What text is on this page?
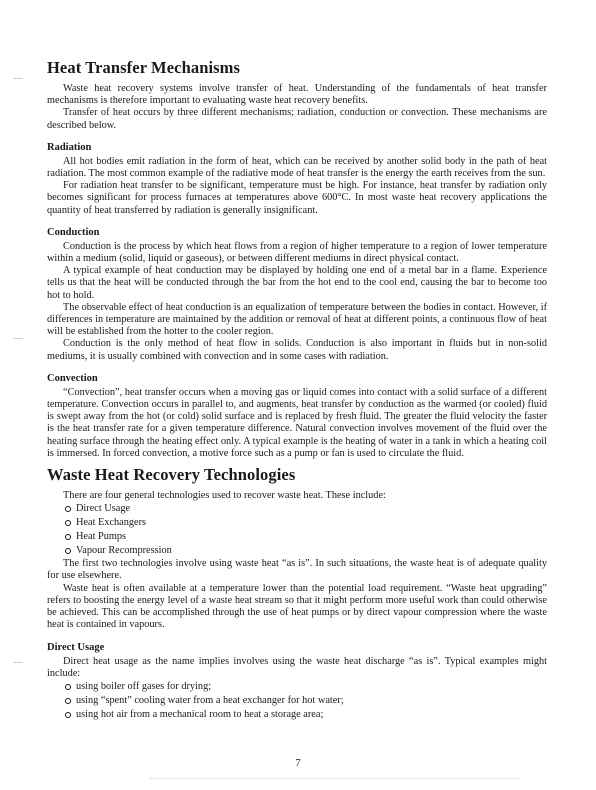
Heat Transfer Mechanisms

Waste heat recovery systems involve transfer of heat. Understanding of the fundamentals of heat transfer mechanisms is therefore important to evaluating waste heat recovery benefits.

Transfer of heat occurs by three different mechanisms; radiation, conduction or convection. These mechanisms are described below.

Radiation

All hot bodies emit radiation in the form of heat, which can be received by another solid body in the path of heat radiation. The most common example of the radiative mode of heat transfer is the energy the earth receives from the sun.

For radiation heat transfer to be significant, temperature must be high. For instance, heat transfer by radiation only becomes significant for process furnaces at temperatures above 600°C. In most waste heat recovery applications the quantity of heat transferred by radiation is generally insignificant.

Conduction

Conduction is the process by which heat flows from a region of higher temperature to a region of lower temperature within a medium (solid, liquid or gaseous), or between different mediums in direct physical contact.

A typical example of heat conduction may be displayed by holding one end of a metal bar in a flame. Experience tells us that the heat will be conducted through the bar from the hot end to the cool end, causing the bar to become too hot to hold.

The observable effect of heat conduction is an equalization of temperature between the bodies in contact. However, if differences in temperature are maintained by the addition or removal of heat at different points, a continuous flow of heat will be established from the hotter to the cooler region.

Conduction is the only method of heat flow in solids. Conduction is also important in fluids but in non-solid mediums, it is usually combined with convection and in some cases with radiation.

Convection

“Convection”, heat transfer occurs when a moving gas or liquid comes into contact with a solid surface of a different temperature. Convection occurs in parallel to, and augments, heat transfer by conduction as the warmed (or cooled) fluid is swept away from the hot (or cold) solid surface and is replaced by fresh fluid. The greater the fluid velocity the faster is the heat transfer rate for a given temperature difference. Natural convection involves movement of the fluid over the heating surface through the heating effect only. A typical example is the heating of water in a tank in which a heating coil is immersed. In forced convection, a motive force such as a pump or fan is used to circulate the fluid.

Waste Heat Recovery Technologies

There are four general technologies used to recover waste heat. These include:

Direct Usage
Heat Exchangers
Heat Pumps
Vapour Recompression

The first two technologies involve using waste heat “as is”. In such situations, the waste heat is of adequate quality for use elsewhere.

Waste heat is often available at a temperature lower than the potential load requirement. “Waste heat upgrading” refers to boosting the energy level of a waste heat stream so that it might perform more useful work than could otherwise be achieved. This can be accomplished through the use of heat pumps or by direct vapour compression where the waste heat is contained in vapours.

Direct Usage

Direct heat usage as the name implies involves using the waste heat discharge “as is”. Typical examples might include:

using boiler off gases for drying;
using “spent” cooling water from a heat exchanger for hot water;
using hot air from a mechanical room to heat a storage area;
7
